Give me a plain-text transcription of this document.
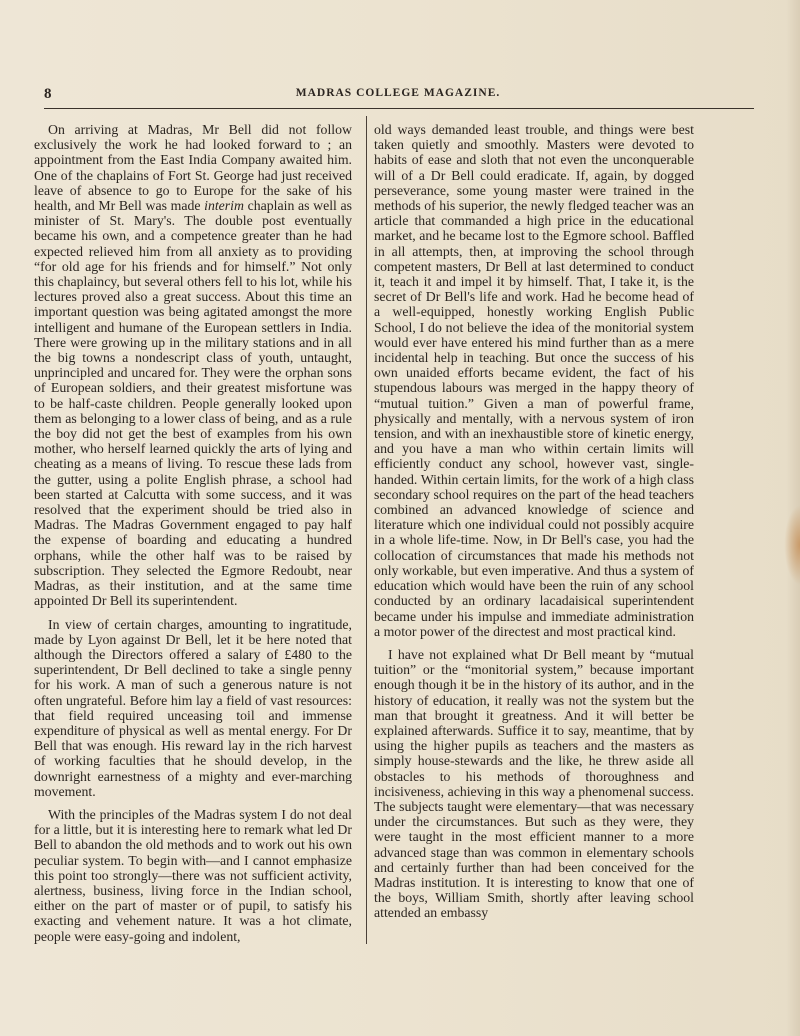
8	MADRAS COLLEGE MAGAZINE.

On arriving at Madras, Mr Bell did not follow exclusively the work he had looked forward to ; an appointment from the East India Company awaited him. One of the chaplains of Fort St. George had just received leave of absence to go to Europe for the sake of his health, and Mr Bell was made interim chaplain as well as minister of St. Mary's. The double post eventually became his own, and a competence greater than he had expected relieved him from all anxiety as to providing “for old age for his friends and for himself.” Not only this chaplaincy, but several others fell to his lot, while his lectures proved also a great success. About this time an important question was being agitated amongst the more intelligent and humane of the European settlers in India. There were growing up in the military stations and in all the big towns a nondescript class of youth, untaught, unprincipled and uncared for. They were the orphan sons of European soldiers, and their greatest misfortune was to be half-caste children. People generally looked upon them as belonging to a lower class of being, and as a rule the boy did not get the best of examples from his own mother, who herself learned quickly the arts of lying and cheating as a means of living. To rescue these lads from the gutter, using a polite English phrase, a school had been started at Calcutta with some success, and it was resolved that the experiment should be tried also in Madras. The Madras Government engaged to pay half the expense of boarding and educating a hundred orphans, while the other half was to be raised by subscription. They selected the Egmore Redoubt, near Madras, as their institution, and at the same time appointed Dr Bell its superintendent.

In view of certain charges, amounting to ingratitude, made by Lyon against Dr Bell, let it be here noted that although the Directors offered a salary of £480 to the superintendent, Dr Bell declined to take a single penny for his work. A man of such a generous nature is not often ungrateful. Before him lay a field of vast resources: that field required unceasing toil and immense expenditure of physical as well as mental energy. For Dr Bell that was enough. His reward lay in the rich harvest of working faculties that he should develop, in the downright earnestness of a mighty and ever-marching movement.

With the principles of the Madras system I do not deal for a little, but it is interesting here to remark what led Dr Bell to abandon the old methods and to work out his own peculiar system. To begin with—and I cannot emphasize this point too strongly—there was not sufficient activity, alertness, business, living force in the Indian school, either on the part of master or of pupil, to satisfy his exacting and vehement nature. It was a hot climate, people were easy-going and indolent,

old ways demanded least trouble, and things were best taken quietly and smoothly. Masters were devoted to habits of ease and sloth that not even the unconquerable will of a Dr Bell could eradicate. If, again, by dogged perseverance, some young master were trained in the methods of his superior, the newly fledged teacher was an article that commanded a high price in the educational market, and he became lost to the Egmore school. Baffled in all attempts, then, at improving the school through competent masters, Dr Bell at last determined to conduct it, teach it and impel it by himself. That, I take it, is the secret of Dr Bell's life and work. Had he become head of a well-equipped, honestly working English Public School, I do not believe the idea of the monitorial system would ever have entered his mind further than as a mere incidental help in teaching. But once the success of his own unaided efforts became evident, the fact of his stupendous labours was merged in the happy theory of “mutual tuition.” Given a man of powerful frame, physically and mentally, with a nervous system of iron tension, and with an inexhaustible store of kinetic energy, and you have a man who within certain limits will efficiently conduct any school, however vast, single-handed. Within certain limits, for the work of a high class secondary school requires on the part of the head teachers combined an advanced knowledge of science and literature which one individual could not possibly acquire in a whole life-time. Now, in Dr Bell's case, you had the collocation of circumstances that made his methods not only workable, but even imperative. And thus a system of education which would have been the ruin of any school conducted by an ordinary lacadaisical superintendent became under his impulse and immediate administration a motor power of the directest and most practical kind.

I have not explained what Dr Bell meant by “mutual tuition” or the “monitorial system,” because important enough though it be in the history of its author, and in the history of education, it really was not the system but the man that brought it greatness. And it will better be explained afterwards. Suffice it to say, meantime, that by using the higher pupils as teachers and the masters as simply house-stewards and the like, he threw aside all obstacles to his methods of thoroughness and incisiveness, achieving in this way a phenomenal success. The subjects taught were elementary—that was necessary under the circumstances. But such as they were, they were taught in the most efficient manner to a more advanced stage than was common in elementary schools and certainly further than had been conceived for the Madras institution. It is interesting to know that one of the boys, William Smith, shortly after leaving school attended an embassy
